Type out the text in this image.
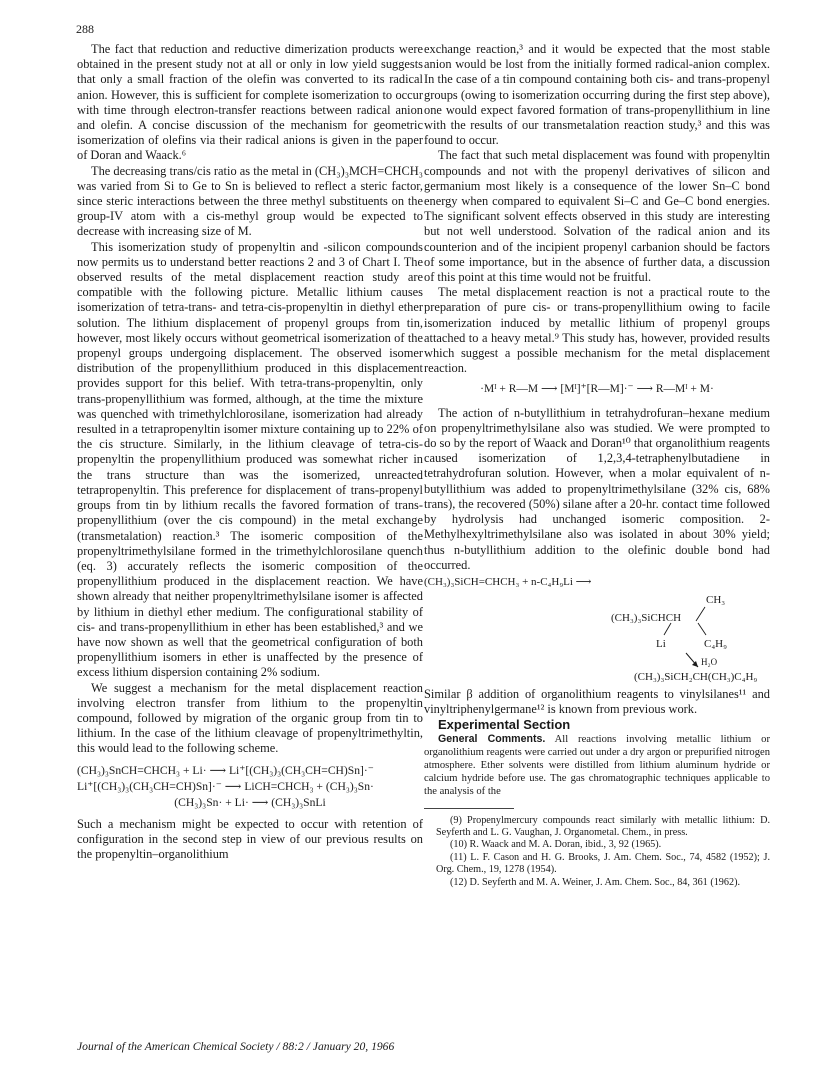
288

The fact that reduction and reductive dimerization products were obtained in the present study not at all or only in low yield suggests that only a small fraction of the olefin was converted to its radical anion. However, this is sufficient for complete isomerization to occur with time through electron-transfer reactions between radical anion and olefin. A concise discussion of the mechanism for geometric isomerization of olefins via their radical anions is given in the paper of Doran and Waack.⁶

The decreasing trans/cis ratio as the metal in (CH₃)₃MCH=CHCH₃ was varied from Si to Ge to Sn is believed to reflect a steric factor, since steric interactions between the three methyl substituents on the group-IV atom with a cis-methyl group would be expected to decrease with increasing size of M.

This isomerization study of propenyltin and -silicon compounds now permits us to understand better reactions 2 and 3 of Chart I. The observed results of the metal displacement reaction study are compatible with the following picture. Metallic lithium causes isomerization of tetra-trans- and tetra-cis-propenyltin in diethyl ether solution. The lithium displacement of propenyl groups from tin, however, most likely occurs without geometrical isomerization of the propenyl groups undergoing displacement. The observed isomer distribution of the propenyllithium produced in this displacement provides support for this belief. With tetra-trans-propenyltin, only trans-propenyllithium was formed, although, at the time the mixture was quenched with trimethylchlorosilane, isomerization had already resulted in a tetrapropenyltin isomer mixture containing up to 22% of the cis structure. Similarly, in the lithium cleavage of tetra-cis-propenyltin the propenyllithium produced was somewhat richer in the trans structure than was the isomerized, unreacted tetrapropenyltin. This preference for displacement of trans-propenyl groups from tin by lithium recalls the favored formation of trans-propenyllithium (over the cis compound) in the metal exchange (transmetalation) reaction.³ The isomeric composition of the propenyltrimethylsilane formed in the trimethylchlorosilane quench (eq. 3) accurately reflects the isomeric composition of the propenyllithium produced in the displacement reaction. We have shown already that neither propenyltrimethylsilane isomer is affected by lithium in diethyl ether medium. The configurational stability of cis- and trans-propenyllithium in ether has been established,³ and we have now shown as well that the geometrical configuration of both propenyllithium isomers in ether is unaffected by the presence of excess lithium dispersion containing 2% sodium.

We suggest a mechanism for the metal displacement reaction involving electron transfer from lithium to the propenyltin compound, followed by migration of the organic group from tin to lithium. In the case of the lithium cleavage of propenyltrimethyltin, this would lead to the following scheme.

(CH₃)₃SnCH=CHCH₃ + Li· ⟶ Li⁺[(CH₃)₃(CH₃CH=CH)Sn]·⁻
Li⁺[(CH₃)₃(CH₃CH=CH)Sn]·⁻ ⟶ LiCH=CHCH₃ + (CH₃)₃Sn·
(CH₃)₃Sn· + Li· ⟶ (CH₃)₃SnLi

Such a mechanism might be expected to occur with retention of configuration in the second step in view of our previous results on the propenyltin–organolithium

exchange reaction,³ and it would be expected that the most stable anion would be lost from the initially formed radical-anion complex. In the case of a tin compound containing both cis- and trans-propenyl groups (owing to isomerization occurring during the first step above), one would expect favored formation of trans-propenyllithium in line with the results of our transmetalation reaction study,³ and this was found to occur.

The fact that such metal displacement was found with propenyltin compounds and not with the propenyl derivatives of silicon and germanium most likely is a consequence of the lower Sn–C bond energy when compared to equivalent Si–C and Ge–C bond energies. The significant solvent effects observed in this study are interesting but not well understood. Solvation of the radical anion and its counterion and of the incipient propenyl carbanion should be factors of some importance, but in the absence of further data, a discussion of this point at this time would not be fruitful.

The metal displacement reaction is not a practical route to the preparation of pure cis- or trans-propenyllithium owing to facile isomerization induced by metallic lithium of propenyl groups attached to a heavy metal.⁹ This study has, however, provided results which suggest a possible mechanism for the metal displacement reaction.

·Mᴵ + R—M ⟶ [Mᴵ]⁺[R—M]·⁻ ⟶ R—Mᴵ + M·

The action of n-butyllithium in tetrahydrofuran–hexane medium on propenyltrimethylsilane also was studied. We were prompted to do so by the report of Waack and Doran¹⁰ that organolithium reagents caused isomerization of 1,2,3,4-tetraphenylbutadiene in tetrahydrofuran solution. However, when a molar equivalent of n-butyllithium was added to propenyltrimethylsilane (32% cis, 68% trans), the recovered (50%) silane after a 20-hr. contact time followed by hydrolysis had unchanged isomeric composition. 2-Methylhexyltrimethylsilane also was isolated in about 30% yield; thus n-butyllithium addition to the olefinic double bond had occurred.

(CH₃)₃SiCH=CHCH₃ + n-C₄H₉Li ⟶
CH₃
(CH₃)₃SiCHCH
Li	C₄H₉
H₂O
(CH₃)₃SiCH₂CH(CH₃)C₄H₉

Similar β addition of organolithium reagents to vinylsilanes¹¹ and vinyltriphenylgermane¹² is known from previous work.

Experimental Section

General Comments. All reactions involving metallic lithium or organolithium reagents were carried out under a dry argon or prepurified nitrogen atmosphere. Ether solvents were distilled from lithium aluminum hydride or calcium hydride before use. The gas chromatographic techniques applicable to the analysis of the

(9) Propenylmercury compounds react similarly with metallic lithium: D. Seyferth and L. G. Vaughan, J. Organometal. Chem., in press.

(10) R. Waack and M. A. Doran, ibid., 3, 92 (1965).

(11) L. F. Cason and H. G. Brooks, J. Am. Chem. Soc., 74, 4582 (1952); J. Org. Chem., 19, 1278 (1954).

(12) D. Seyferth and M. A. Weiner, J. Am. Chem. Soc., 84, 361 (1962).

Journal of the American Chemical Society / 88:2 / January 20, 1966
